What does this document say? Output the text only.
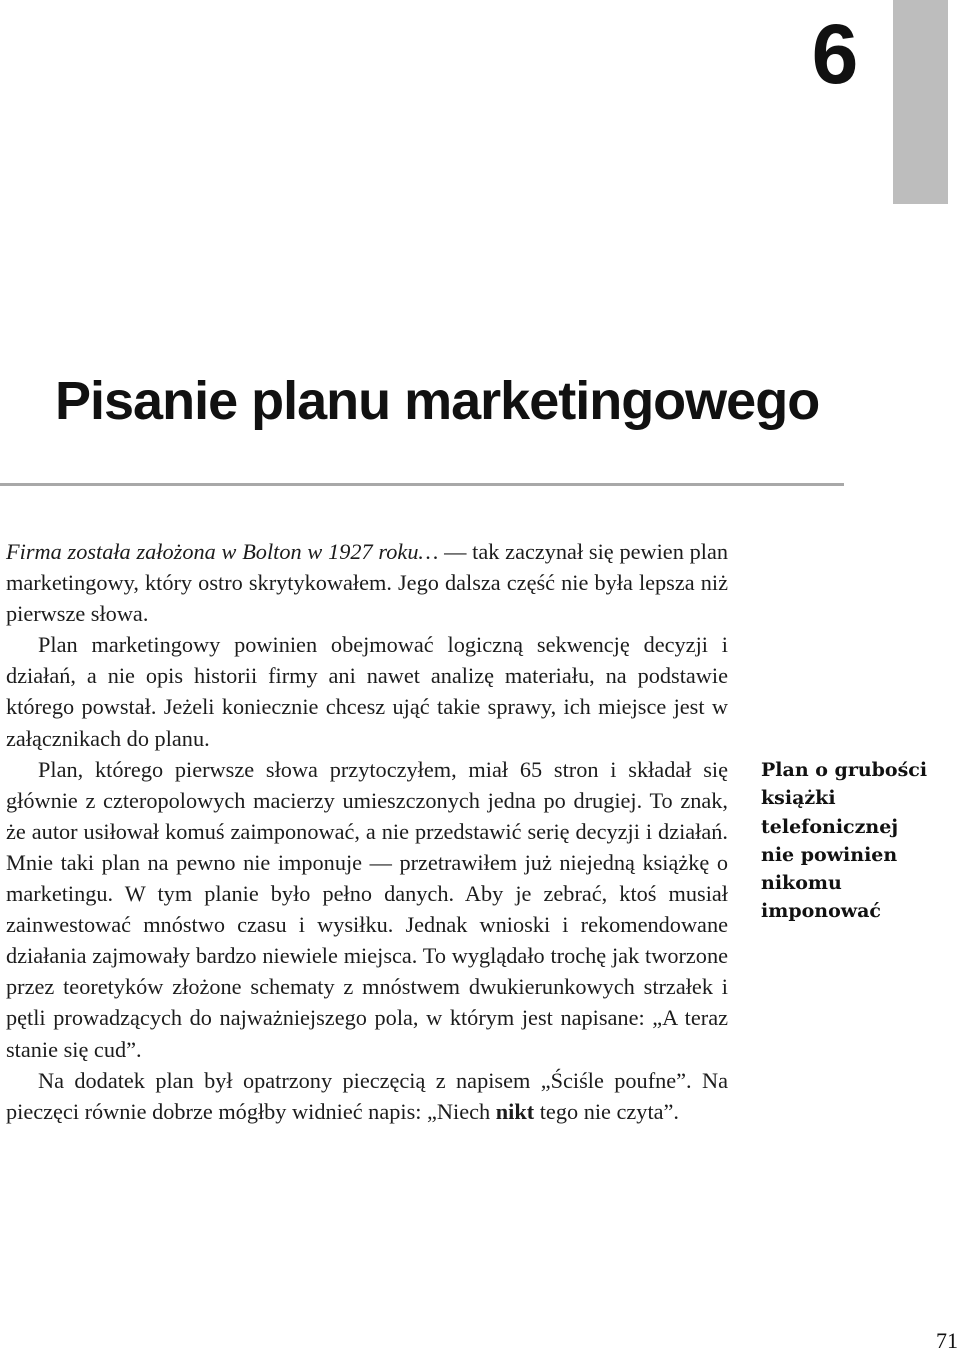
6
Pisanie planu marketingowego

Firma została założona w Bolton w 1927 roku… — tak zaczynał się pewien plan marketingowy, który ostro skrytykowałem. Jego dalsza część nie była lepsza niż pierwsze słowa.

Plan marketingowy powinien obejmować logiczną sekwencję decyzji i działań, a nie opis historii firmy ani nawet analizę materiału, na podstawie którego powstał. Jeżeli koniecznie chcesz ująć takie sprawy, ich miejsce jest w załącznikach do planu.

Plan, którego pierwsze słowa przytoczyłem, miał 65 stron i składał się głównie z czteropolowych macierzy umieszczonych jedna po drugiej. To znak, że autor usiłował komuś zaimponować, a nie przedstawić serię decyzji i działań. Mnie taki plan na pewno nie imponuje — przetrawiłem już niejedną książkę o marketingu. W tym planie było pełno danych. Aby je zebrać, ktoś musiał zainwestować mnóstwo czasu i wysiłku. Jednak wnioski i rekomendowane działania zajmowały bardzo niewiele miejsca. To wyglądało trochę jak tworzone przez teoretyków złożone schematy z mnóstwem dwukierunkowych strzałek i pętli prowadzących do najważniejszego pola, w którym jest napisane: „A teraz stanie się cud”.

Na dodatek plan był opatrzony pieczęcią z napisem „Ściśle poufne”. Na pieczęci równie dobrze mógłby widnieć napis: „Niech nikt tego nie czyta”.

Plan o grubości książki telefonicznej nie powinien nikomu imponować
71
